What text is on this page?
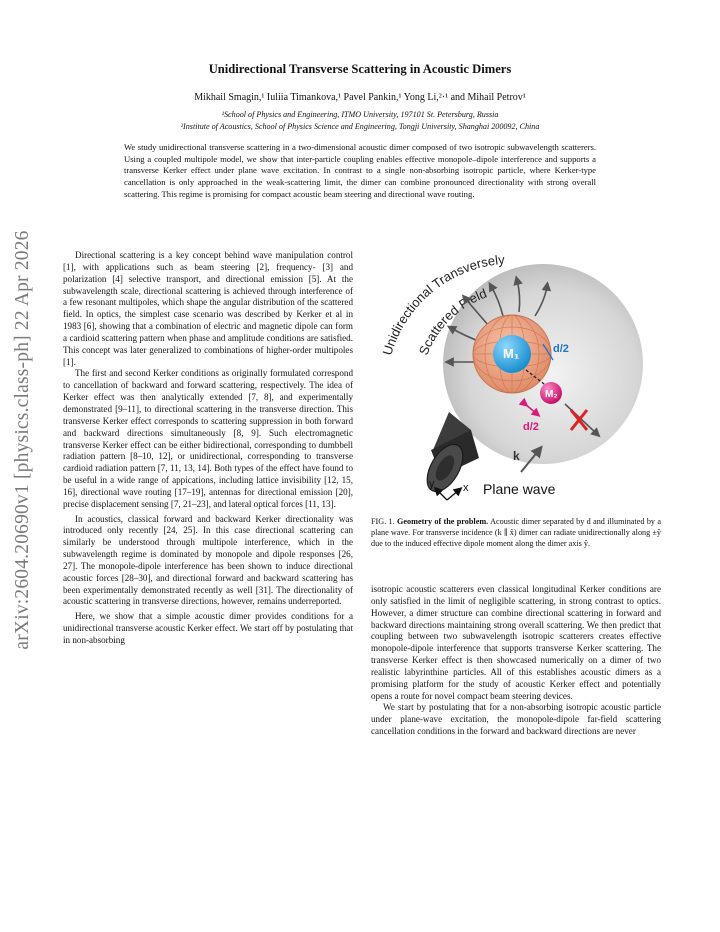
arXiv:2604.20690v1 [physics.class-ph] 22 Apr 2026
Unidirectional Transverse Scattering in Acoustic Dimers
Mikhail Smagin,¹ Iuliia Timankova,¹ Pavel Pankin,¹ Yong Li,²·¹ and Mihail Petrov¹
¹School of Physics and Engineering, ITMO University, 197101 St. Petersburg, Russia
²Institute of Acoustics, School of Physics Science and Engineering, Tongji University, Shanghai 200092, China
We study unidirectional transverse scattering in a two-dimensional acoustic dimer composed of two isotropic subwavelength scatterers. Using a coupled multipole model, we show that inter-particle coupling enables effective monopole–dipole interference and supports a transverse Kerker effect under plane wave excitation. In contrast to a single non-absorbing isotropic particle, where Kerker-type cancellation is only approached in the weak-scattering limit, the dimer can combine pronounced directionality with strong overall scattering. This regime is promising for compact acoustic beam steering and directional wave routing.

Directional scattering is a key concept behind wave manipulation control [1], with applications such as beam steering [2], frequency- [3] and polarization [4] selective transport, and directional emission [5]. At the subwavelength scale, directional scattering is achieved through interference of a few resonant multipoles, which shape the angular distribution of the scattered field. In optics, the simplest case scenario was described by Kerker et al in 1983 [6], showing that a combination of electric and magnetic dipole can form a cardioid scattering pattern when phase and amplitude conditions are satisfied. This concept was later generalized to combinations of higher-order multipoles [1].

The first and second Kerker conditions as originally formulated correspond to cancellation of backward and forward scattering, respectively. The idea of Kerker effect was then analytically extended [7, 8], and experimentally demonstrated [9–11], to directional scattering in the transverse direction. This transverse Kerker effect corresponds to scattering suppression in both forward and backward directions simultaneously [8, 9]. Such electromagnetic transverse Kerker effect can be either bidirectional, corresponding to dumbbell radiation pattern [8–10, 12], or unidirectional, corresponding to transverse cardioid radiation pattern [7, 11, 13, 14]. Both types of the effect have found to be useful in a wide range of appications, including lattice invisibility [12, 15, 16], directional wave routing [17–19], antennas for directional emission [20], precise displacement sensing [7, 21–23], and lateral optical forces [11, 13].

In acoustics, classical forward and backward Kerker directionality was introduced only recently [24, 25]. In this case directional scattering can similarly be understood through multipole interference, which in the subwavelength regime is dominated by monopole and dipole responses [26, 27]. The monopole-dipole interference has been shown to induce directional acoustic forces [28–30], and directional forward and backward scattering has been experimentally demonstrated recently as well [31]. The directionality of acoustic scattering in transverse directions, however, remains underreported.

Here, we show that a simple acoustic dimer provides conditions for a unidirectional transverse acoustic Kerker effect. We start off by postulating that in non-absorbing

Unidirectional Transversely
Scattered Field
M₁	d/2
M₂
d/2
k
y	x Plane wave
FIG. 1. Geometry of the problem. Acoustic dimer separated by d and illuminated by a plane wave. For transverse incidence (k ∥ x̂) dimer can radiate unidirectionally along ±ŷ due to the induced effective dipole moment along the dimer axis ŷ.

isotropic acoustic scatterers even classical longitudinal Kerker conditions are only satisfied in the limit of negligible scattering, in strong contrast to optics. However, a dimer structure can combine directional scattering in forward and backward directions maintaining strong overall scattering. We then predict that coupling between two subwavelength isotropic scatterers creates effective monopole-dipole interference that supports transverse Kerker scattering. The transverse Kerker effect is then showcased numerically on a dimer of two realistic labyrinthine particles. All of this establishes acoustic dimers as a promising platform for the study of acoustic Kerker effect and potentially opens a route for novel compact beam steering devices.

We start by postulating that for a non-absorbing isotropic acoustic particle under plane-wave excitation, the monopole-dipole far-field scattering cancellation conditions in the forward and backward directions are never
